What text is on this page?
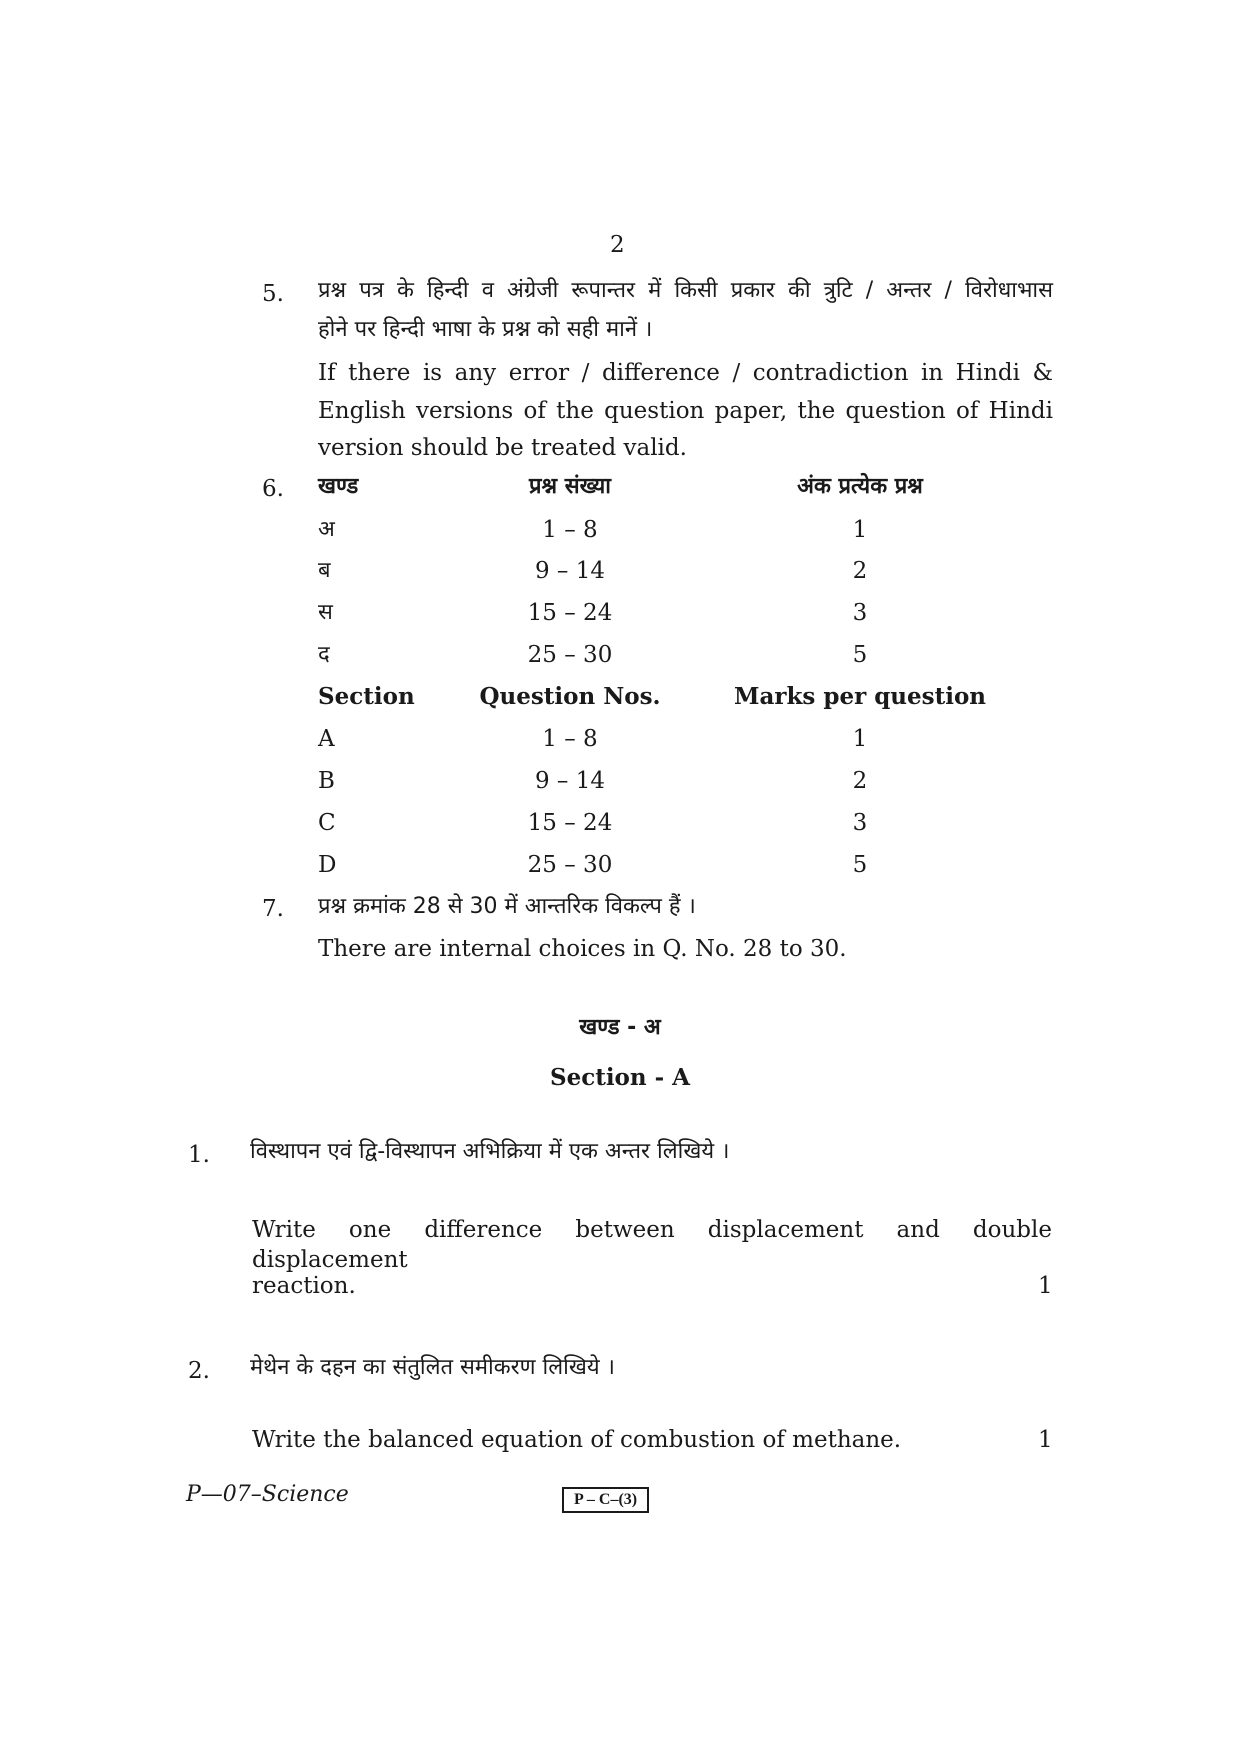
2
5. प्रश्न पत्र के हिन्दी व अंग्रेजी रूपान्तर में किसी प्रकार की त्रुटि / अन्तर / विरोधाभास
होने पर हिन्दी भाषा के प्रश्न को सही मानें ।
If there is any error / difference / contradiction in Hindi &
English versions of the question paper, the question of Hindi
version should be treated valid.
6. खण्ड	प्रश्न संख्या	अंक प्रत्येक प्रश्न
अ	1 – 8	1
ब	9 – 14	2
स	15 – 24	3
द	25 – 30	5
Section	Question Nos.	Marks per question
A	1 – 8	1
B	9 – 14	2
C	15 – 24	3
D	25 – 30	5
7. प्रश्न क्रमांक 28 से 30 में आन्तरिक विकल्प हैं ।
There are internal choices in Q. No. 28 to 30.
खण्ड - अ
Section - A
1. विस्थापन एवं द्वि-विस्थापन अभिक्रिया में एक अन्तर लिखिये ।
Write one difference between displacement and double displacement
reaction.	1
2. मेथेन के दहन का संतुलित समीकरण लिखिये ।
Write the balanced equation of combustion of methane.	1
P—07–Science	P – C–(3)
